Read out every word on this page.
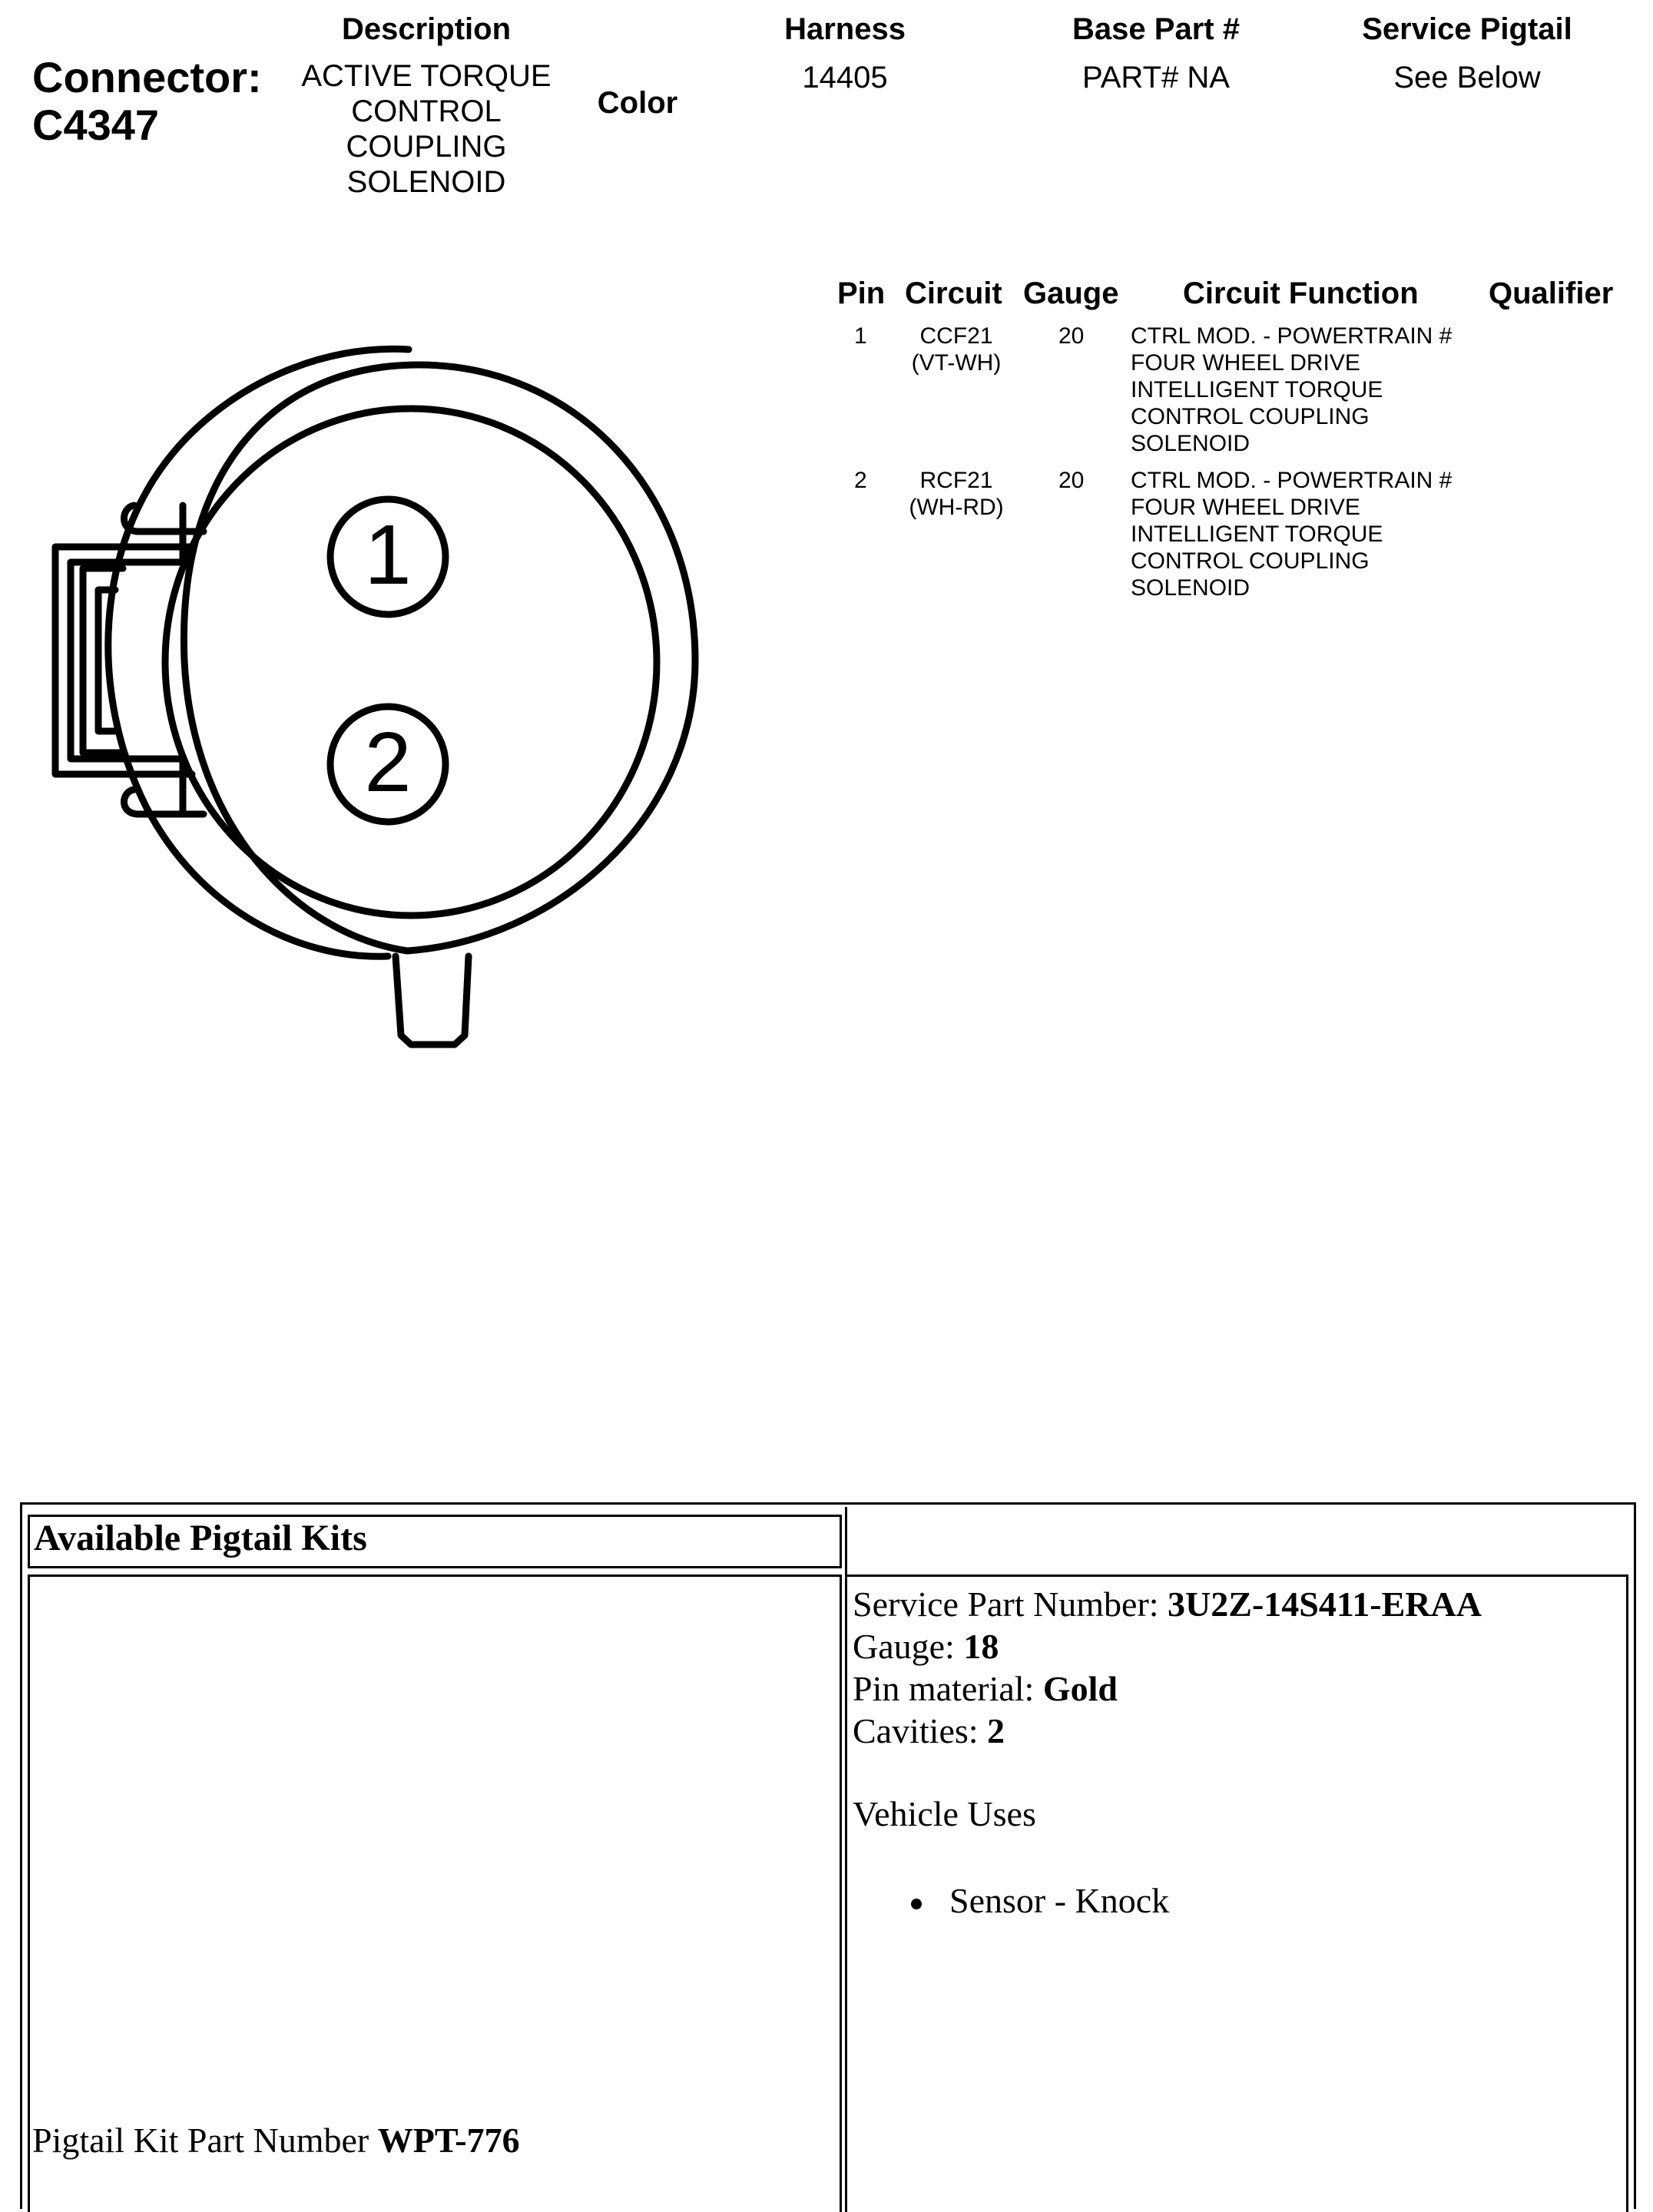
Connector:
C4347
Description
ACTIVE TORQUE
CONTROL
COUPLING
SOLENOID
Color
Harness
14405
Base Part #
PART# NA
Service Pigtail
See Below
1
2
Pin Circuit Gauge Circuit Function Qualifier
1	CCF21
(VT-WH)
20 CTRL MOD. - POWERTRAIN #
FOUR WHEEL DRIVE
INTELLIGENT TORQUE
CONTROL COUPLING
SOLENOID
2	RCF21
(WH-RD)
20 CTRL MOD. - POWERTRAIN #
FOUR WHEEL DRIVE
INTELLIGENT TORQUE
CONTROL COUPLING
SOLENOID
Available Pigtail Kits
Pigtail Kit Part Number WPT-776
Service Part Number: 3U2Z-14S411-ERAA
Gauge: 18
Pin material: Gold
Cavities: 2
Vehicle Uses
Sensor - Knock
